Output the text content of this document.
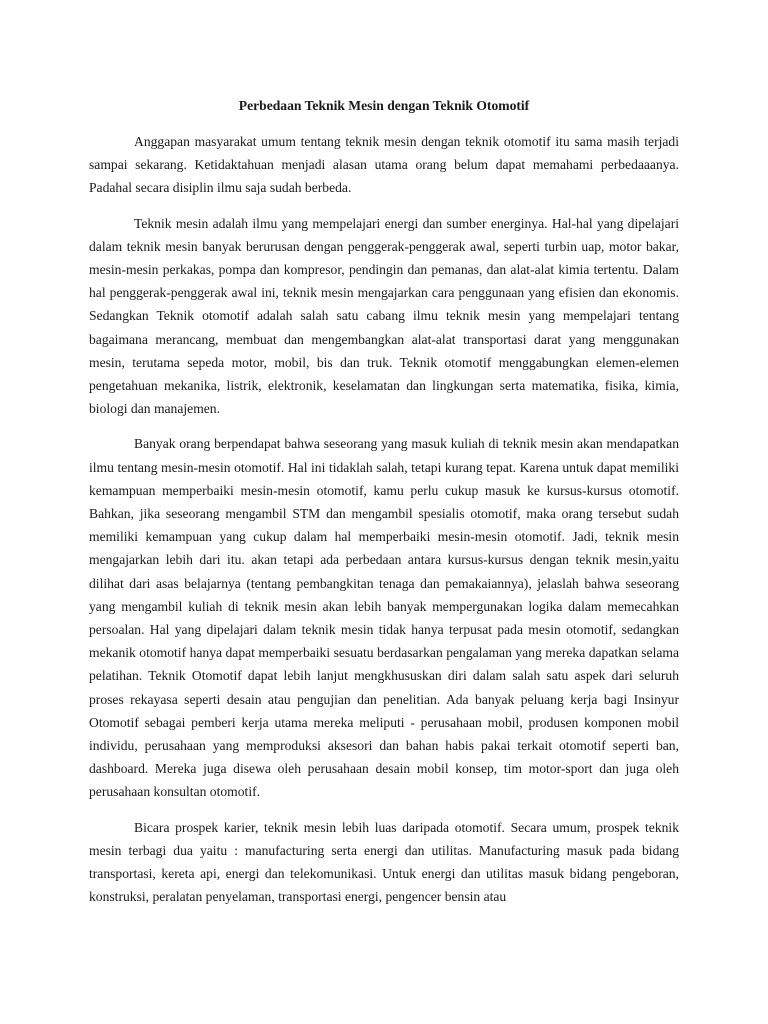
Perbedaan Teknik Mesin dengan Teknik Otomotif

Anggapan masyarakat umum tentang teknik mesin dengan teknik otomotif itu sama masih terjadi sampai sekarang. Ketidaktahuan menjadi alasan utama orang belum dapat memahami perbedaaanya. Padahal secara disiplin ilmu saja sudah berbeda.

Teknik mesin adalah ilmu yang mempelajari energi dan sumber energinya. Hal-hal yang dipelajari dalam teknik mesin banyak berurusan dengan penggerak-penggerak awal, seperti turbin uap, motor bakar, mesin-mesin perkakas, pompa dan kompresor, pendingin dan pemanas, dan alat-alat kimia tertentu. Dalam hal penggerak-penggerak awal ini, teknik mesin mengajarkan cara penggunaan yang efisien dan ekonomis. Sedangkan Teknik otomotif adalah salah satu cabang ilmu teknik mesin yang mempelajari tentang bagaimana merancang, membuat dan mengembangkan alat-alat transportasi darat yang menggunakan mesin, terutama sepeda motor, mobil, bis dan truk. Teknik otomotif menggabungkan elemen-elemen pengetahuan mekanika, listrik, elektronik, keselamatan dan lingkungan serta matematika, fisika, kimia, biologi dan manajemen.

Banyak orang berpendapat bahwa seseorang yang masuk kuliah di teknik mesin akan mendapatkan ilmu tentang mesin-mesin otomotif. Hal ini tidaklah salah, tetapi kurang tepat. Karena untuk dapat memiliki kemampuan memperbaiki mesin-mesin otomotif, kamu perlu cukup masuk ke kursus-kursus otomotif. Bahkan, jika seseorang mengambil STM dan mengambil spesialis otomotif, maka orang tersebut sudah memiliki kemampuan yang cukup dalam hal memperbaiki mesin-mesin otomotif. Jadi, teknik mesin mengajarkan lebih dari itu. akan tetapi ada perbedaan antara kursus-kursus dengan teknik mesin,yaitu dilihat dari asas belajarnya (tentang pembangkitan tenaga dan pemakaiannya), jelaslah bahwa seseorang yang mengambil kuliah di teknik mesin akan lebih banyak mempergunakan logika dalam memecahkan persoalan. Hal yang dipelajari dalam teknik mesin tidak hanya terpusat pada mesin otomotif, sedangkan mekanik otomotif hanya dapat memperbaiki sesuatu berdasarkan pengalaman yang mereka dapatkan selama pelatihan. Teknik Otomotif dapat lebih lanjut mengkhususkan diri dalam salah satu aspek dari seluruh proses rekayasa seperti desain atau pengujian dan penelitian. Ada banyak peluang kerja bagi Insinyur Otomotif sebagai pemberi kerja utama mereka meliputi - perusahaan mobil, produsen komponen mobil individu, perusahaan yang memproduksi aksesori dan bahan habis pakai terkait otomotif seperti ban, dashboard. Mereka juga disewa oleh perusahaan desain mobil konsep, tim motor-sport dan juga oleh perusahaan konsultan otomotif.

Bicara prospek karier, teknik mesin lebih luas daripada otomotif. Secara umum, prospek teknik mesin terbagi dua yaitu : manufacturing serta energi dan utilitas. Manufacturing masuk pada bidang transportasi, kereta api, energi dan telekomunikasi. Untuk energi dan utilitas masuk bidang pengeboran, konstruksi, peralatan penyelaman, transportasi energi, pengencer bensin atau
